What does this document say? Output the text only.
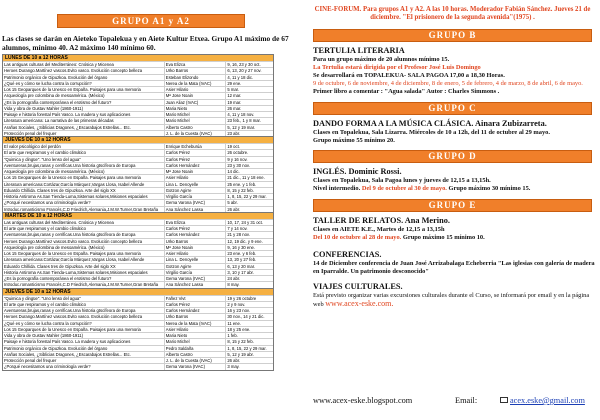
GRUPO A1 y A2
Las clases se darán en Aieteko Topalekua y en Aiete Kultur Etxea. Grupo A1 máximo de 67 alumnos, mínimo 40. A2 máximo 140 mínimo 60.
LUNES DE 10 a 12 HORAS
Las antiguas culturas del Mediterráneo: Cnósica y Micenea	Eva Elizca	9, 16, 23 y 30 oct.
Heroes Durango.Martínez vascos.Evito vasco. Evolución concepto belleza	Urko Barros	6, 13, 20 y 27 nov.
Patrimonio orgánico de Gipuzkoa. Evolución del órgano	Esteban Elizondo	4, 11 y 18 dic.
¿Qué es y cómo se lucha contra la corrupción?	Nerea de la Mata (IVAC)	29 ene.
Los 15 Geoparques de la Unesco en España. Paisajes para una memoria	Asier Hilario	5 mar.
Arqueología pre colombina de mesoamérica. (México)	Mª Jose Noain	12 mar.
¿Es la pornografía contemporánea el erotismo del futuro?	Juan Aliaz (IVAC)	19 mar.
Vida y obra de Gustav Mahler (1860-1911)	Maria Nieto	26 mar.
Paisaje e historia forestal País Vasco. La madera y sus aplicaciones	Mario Michel	4, 11 y 18 nov.
Literatura americana: La narrativa de las primeras décadas	Mario Michel	23 feb., 1 y 8 mar.
Arañas Sociales, ¿Siblicias Dragones, ¿Escarabajos Estrellas... Etc.	Alberto Castro	5, 12 y 19 mar.
Protección penal del frequer	J. L. de la Cuesta (IVAC)	23 abr.
JUEVES DE 10 a 12 HORAS
El valor psicológico del perdón	Enrique Echeburúa	19 oct.
El arte que respiramos y el cambio climático	Carlos Pérez	26 octubre.
"Quimica y dingüe". "Uno lenso del agua"	Carlos Pérez	9 y 16 nov.
Aventureras,brujas,ranas y cerrificas.Una historia gtscífeora de Europa	Carlos Hernández	23 y 30 nov.
Arqueología pre colombina de mesoamérica. (México)	Mª Jose Noain	14 dic.
Los 15 Geoparques de la Unesco en España. Paisajes para una memoria	Asier Hilario	21 dic., 11 y 18 ene.
Literatura americana:Cortázar,García Márquez,Vargas Llosa, Isabel Allende	Lina L. Denoyelle	25 ene. y 1 feb.
Eduardo Chillida. Clases tres de Gipuzkoa. Arte del siglo XX	Gotzon Agirre	8, 15 y 22 feb.
Historia Antiroma As.San Tienda-Luma,Sistemas solares,Misiones espaciales	Virgilio García	1, 8, 15, 22 y 29 mar.
¿Porqué necesitamos una criminología verde?	Gema Varona (IVAC)	5 abr.
Introduc.romanticismo Francés,C.D Friedrich,Alemania,J.M.W.Turner,Gran Bretaña	Ana Sánchez Lassa	26 abr.
MARTES DE 10 a 12 HORAS
Las antiguas culturas del Mediterráneo. Cnósica y Micenea	Eva Elizca	10, 17, 24 y 31 oct.
El arte que respiramos y el cambio climático	Carlos Pérez	7 y 14 nov.
Aventureras,brujas,ranas y cerrificas.Una historia gtscífeora de Europa	Carlos Hernández	21 y 28 nov.
Heroes Durango.Martínez vascos.Evito vasco. Evolución concepto belleza	Urko Barros	12, 19 dic. y 9 ene.
Arqueología pre colombina de mesoamérica. (México)	Mª Jose Noain	9, 16 y 30 ene.
Los 15 Geoparques de la Unesco en España. Paisajes para una memoria	Asier Hilario	23 ene. y 6 feb.
Literatura americana:Cortázar,García Márquez,Vargas Llosa, Isabel Allende	Lina L. Denoyelle	13, 20 y 27 feb.
Eduardo Chillida. Clases tres de Gipuzkoa. Arte del siglo XX	Gotzon Agirre	6, 13 y 20 mar.
Historia Antiroma As.San Tienda-Luma,Sistemas solares,Misiones espaciales	Virgilio García	3, 10 y 17 abr.
¿Es la pornografía contemporánea el erotismo del futuro?	Gema Varona (IVAC)	24 abr.
Introduc.romanticismo Francés,C.D Friedrich,Alemania,J.M.W.Turner,Gran Bretaña	Ana Sánchez Lassa	8 may.
JUEVES DE 10 a 12 HORAS
"Quimica y dingüe". "Uno lenso del agua"	Fañez Vivt	19 y 26 octubre
El arte que respiramos y el cambio climático	Carlos Pérez	2 y 9 nov.
Aventureras,brujas,ranas y cerrificas.Una historia gtscífeora de Europa	Carlos Hernández	16 y 23 nov.
Heroes Durango.Martínez vascos.Evito vasco. Evolución concepto belleza	Urko Barros	30 nov., 14 y 21 dic.
¿Qué es y cómo se lucha contra la corrupción?	Nerea de la Mata (IVAC)	11 ene.
Los 15 Geoparques de la Unesco en España. Paisajes para una memoria	Asier Hilario	18 y 25 ene.
Vida y obra de Gustav Mahler (1860-1911)	Maria Nieto	1 feb.
Paisaje e historia forestal País Vasco. La madera y sus aplicaciones	Mario Michel	8, 15 y 22 feb.
Patrimonio orgánico de Gipuzkoa. Evolución del órgano	Pedro Saldaña	1, 8, 15, 22 y 29 mar.
Arañas Sociales, ¿Siblicias Dragones, ¿Escarabajos Estrellas... Etc.	Alberto Castro	5, 12 y 19 abr.
Protección penal del frequer	J. L. de la Cuesta (IVAC)	26 abr.
¿Porqué necesitamos una criminología verde?	Gema Varona (IVAC)	3 may.
CINE-FORUM. Para grupos A1 y A2. A las 10 horas. Moderador Fabián Sánchez. Jueves 21 de diciembre. "El prisionero de la segunda avenida"(1975) .
GRUPO B
TERTULIA LITERARIA
Para un grupo máximo de 20 alumnos mínimo 15.
La Tertulia estará dirigida por el Profesor José Luis Domingo
Se desarrollará en TOPALEKUA- SALA PAGOA 17,00 a 18,30 Horas.
9 de octubre, 6 de noviembre, 4 de diciembre, 8 de enero, 5 de febrero, 4 de marzo, 8 de abril, 6 de mayo.
Primer libro a comentar : "Agua salada" Autor : Charles Simmons .
GRUPO C
DANDO FORMA A LA MÚSICA CLÁSICA. Ainara Zubizarreta.
Clases en Topalekua, Sala Lizarra. Miércoles de 10 a 12h, del 11 de octubre al 29 mayo.
Grupo máximo 55 mínimo 20.
GRUPO D
INGLÉS. Dominic Rossi.
Clases en Topalekua, Sala Pagoa lunes y jueves de 12,15 a 13,15h.
Nivel intermedio. Del 9 de octubre al 30 de mayo. Grupo máximo 30 mínimo 15.
GRUPO E
TALLER DE RELATOS. Ana Merino.
Clases en AIETE K.E., Martes de 12,15 a 13,15h
Del 10 de octubre al 28 de mayo. Grupo máximo 15 mínimo 10.
CONFERENCIAS.
14 de Diciembre conferencia de Juan José Arrizabalaga Echeberria "Las iglesias con galería de madera en Iparralde. Un patrimonio desconocido"
VIAJES CULTURALES.
Está previsto organizar varias excursiones culturales durante el Curso, se informará por email y en la página web www.acex-eske.com.
www.acex-eske.blogspot.com	Email:	acex.eske@gmail.com
